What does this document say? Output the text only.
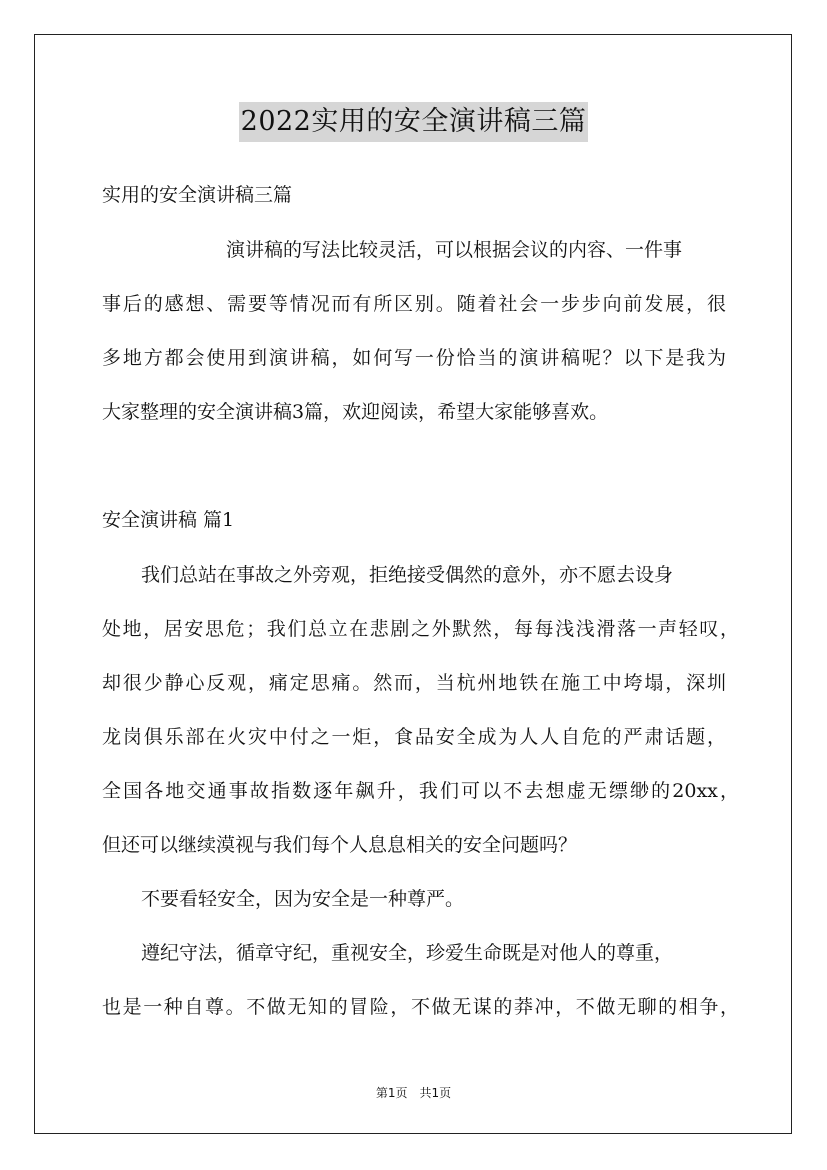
2022实用的安全演讲稿三篇
实用的安全演讲稿三篇
演讲稿的写法比较灵活，可以根据会议的内容、一件事
事后的感想、需要等情况而有所区别。随着社会一步步向前发展，很
多地方都会使用到演讲稿，如何写一份恰当的演讲稿呢？以下是我为
大家整理的安全演讲稿3篇，欢迎阅读，希望大家能够喜欢。
安全演讲稿 篇1
我们总站在事故之外旁观，拒绝接受偶然的意外，亦不愿去设身
处地，居安思危；我们总立在悲剧之外默然，每每浅浅滑落一声轻叹，
却很少静心反观，痛定思痛。然而，当杭州地铁在施工中垮塌，深圳
龙岗俱乐部在火灾中付之一炬，食品安全成为人人自危的严肃话题，
全国各地交通事故指数逐年飙升，我们可以不去想虚无缥缈的20xx，
但还可以继续漠视与我们每个人息息相关的安全问题吗？
不要看轻安全，因为安全是一种尊严。
遵纪守法，循章守纪，重视安全，珍爱生命既是对他人的尊重，
也是一种自尊。不做无知的冒险，不做无谋的莽冲，不做无聊的相争，
第1页　共1页
